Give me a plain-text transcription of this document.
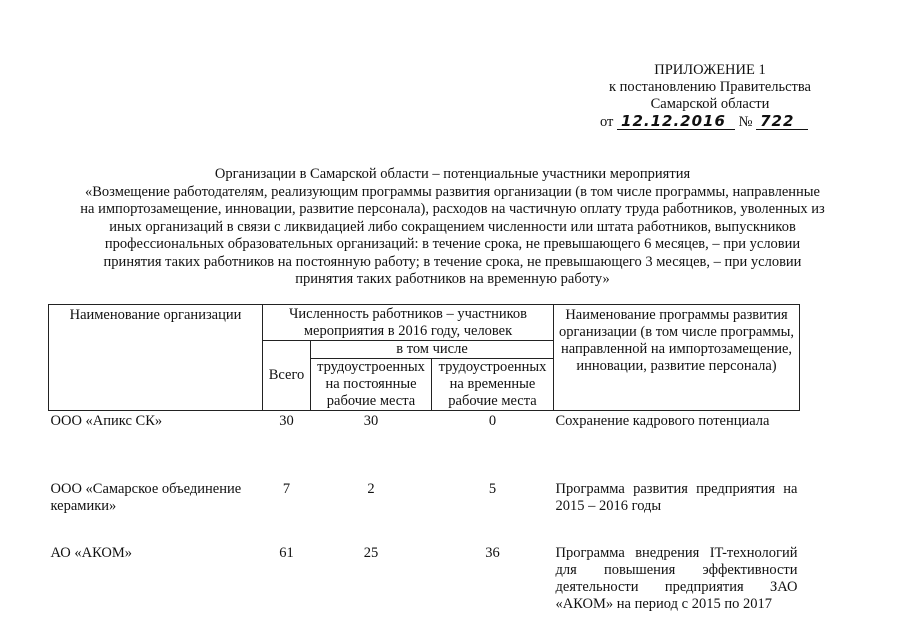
ПРИЛОЖЕНИЕ 1
к постановлению Правительства
Самарской области
от 12.12.2016 № 722
Организации в Самарской области – потенциальные участники мероприятия
«Возмещение работодателям, реализующим программы развития организации (в том числе программы, направленные
на импортозамещение, инновации, развитие персонала), расходов на частичную оплату труда работников, уволенных из
иных организаций в связи с ликвидацией либо сокращением численности или штата работников, выпускников
профессиональных образовательных организаций: в течение срока, не превышающего 6 месяцев, – при условии
принятия таких работников на постоянную работу; в течение срока, не превышающего 3 месяцев, – при условии
принятия таких работников на временную работу»
Наименование организации	Численность работников – участников мероприятия в 2016 году, человек			Наименование программы развития организации (в том числе программы, направленной на импортозамещение, инновации, развитие персонала)
	Всего	в том числе		
		трудоустроенных на постоянные рабочие места	трудоустроенных на временные рабочие места	
ООО «Апикс СК»	30	30	0	Сохранение кадрового потенциала
ООО «Самарское объединение керамики»	7	2	5	Программа развития предприятия на 2015 – 2016 годы
АО «АКОМ»	61	25	36	Программа внедрения IT-технологий для повышения эффективности деятельности предприятия ЗАО «АКОМ» на период с 2015 по 2017
